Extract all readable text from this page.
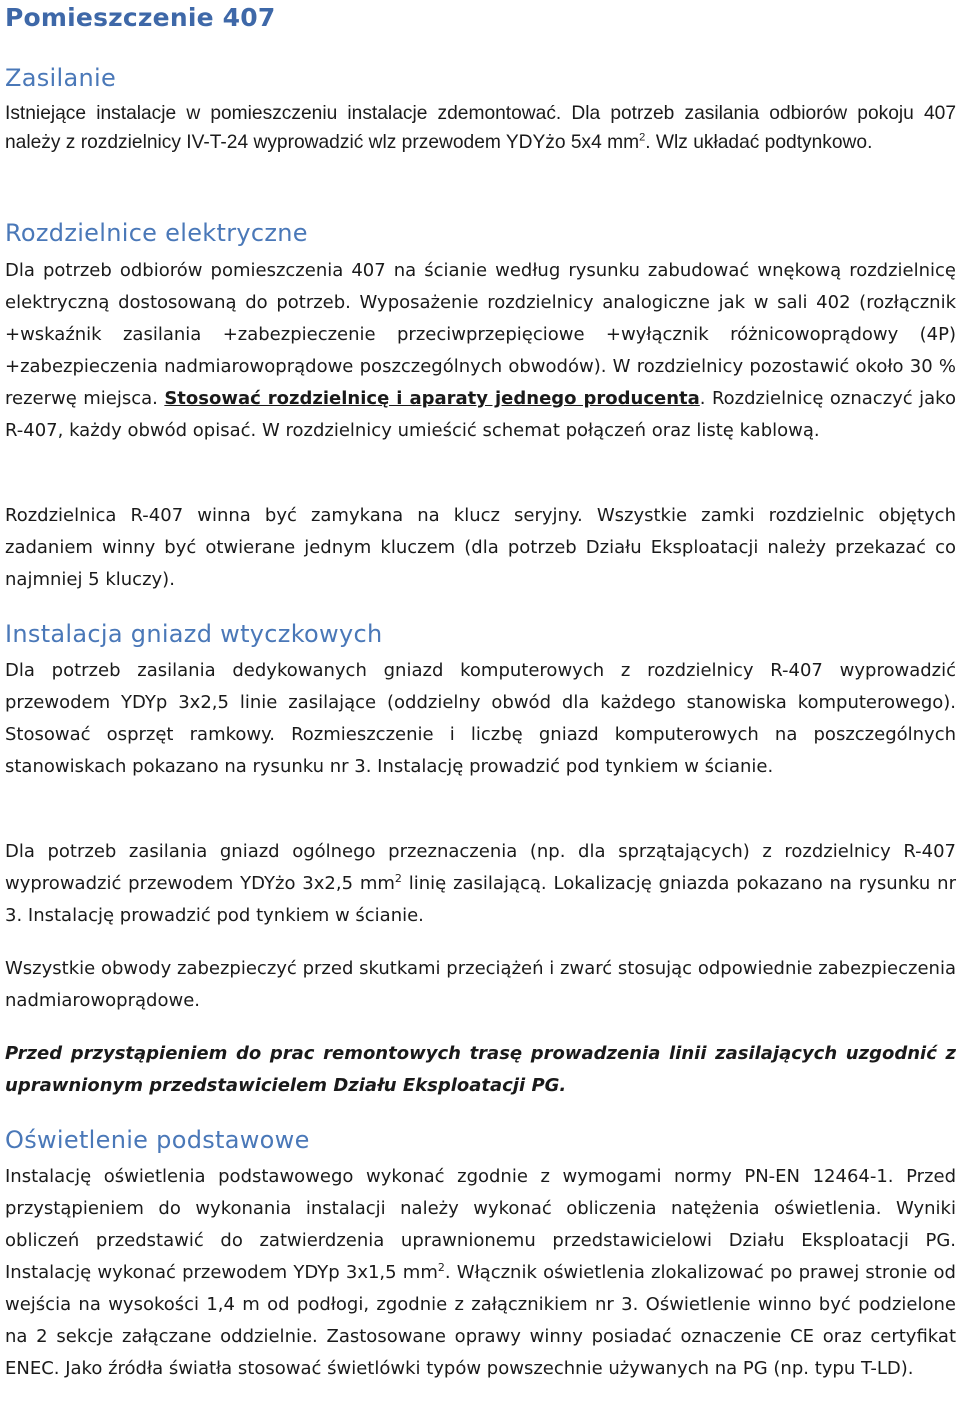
Pomieszczenie 407
Zasilanie

Istniejące instalacje w pomieszczeniu instalacje zdemontować. Dla potrzeb zasilania odbiorów pokoju 407 należy z rozdzielnicy IV-T-24 wyprowadzić wlz przewodem YDYżo 5x4 $mm^2$. Wlz układać podtynkowo.

Rozdzielnice elektryczne

Dla potrzeb odbiorów pomieszczenia 407 na ścianie według rysunku zabudować wnękową rozdzielnicę elektryczną dostosowaną do potrzeb. Wyposażenie rozdzielnicy analogiczne jak w sali 402 (rozłącznik +wskaźnik zasilania +zabezpieczenie przeciwprzepięciowe +wyłącznik różnicowoprądowy (4P) +zabezpieczenia nadmiarowoprądowe poszczególnych obwodów). W rozdzielnicy pozostawić około 30 % rezerwę miejsca. Stosować rozdzielnicę i aparaty jednego producenta. Rozdzielnicę oznaczyć jako R-407, każdy obwód opisać. W rozdzielnicy umieścić schemat połączeń oraz listę kablową.

Rozdzielnica R-407 winna być zamykana na klucz seryjny. Wszystkie zamki rozdzielnic objętych zadaniem winny być otwierane jednym kluczem (dla potrzeb Działu Eksploatacji należy przekazać co najmniej 5 kluczy).

Instalacja gniazd wtyczkowych

Dla potrzeb zasilania dedykowanych gniazd komputerowych z rozdzielnicy R-407 wyprowadzić przewodem YDYp 3x2,5 linie zasilające (oddzielny obwód dla każdego stanowiska komputerowego). Stosować osprzęt ramkowy. Rozmieszczenie i liczbę gniazd komputerowych na poszczególnych stanowiskach pokazano na rysunku nr 3. Instalację prowadzić pod tynkiem w ścianie.

Dla potrzeb zasilania gniazd ogólnego przeznaczenia (np. dla sprzątających) z rozdzielnicy R-407 wyprowadzić przewodem YDYżo 3x2,5 $mm^2$ linię zasilającą. Lokalizację gniazda pokazano na rysunku nr 3. Instalację prowadzić pod tynkiem w ścianie.

Wszystkie obwody zabezpieczyć przed skutkami przeciążeń i zwarć stosując odpowiednie zabezpieczenia nadmiarowoprądowe.

Przed przystąpieniem do prac remontowych trasę prowadzenia linii zasilających uzgodnić z uprawnionym przedstawicielem Działu Eksploatacji PG.

Oświetlenie podstawowe

Instalację oświetlenia podstawowego wykonać zgodnie z wymogami normy PN-EN 12464-1. Przed przystąpieniem do wykonania instalacji należy wykonać obliczenia natężenia oświetlenia. Wyniki obliczeń przedstawić do zatwierdzenia uprawnionemu przedstawicielowi Działu Eksploatacji PG. Instalację wykonać przewodem YDYp 3x1,5 $mm^2$. Włącznik oświetlenia zlokalizować po prawej stronie od wejścia na wysokości 1,4 m od podłogi, zgodnie z załącznikiem nr 3. Oświetlenie winno być podzielone na 2 sekcje załączane oddzielnie. Zastosowane oprawy winny posiadać oznaczenie CE oraz certyfikat ENEC. Jako źródła światła stosować świetlówki typów powszechnie używanych na PG (np. typu T-LD).
